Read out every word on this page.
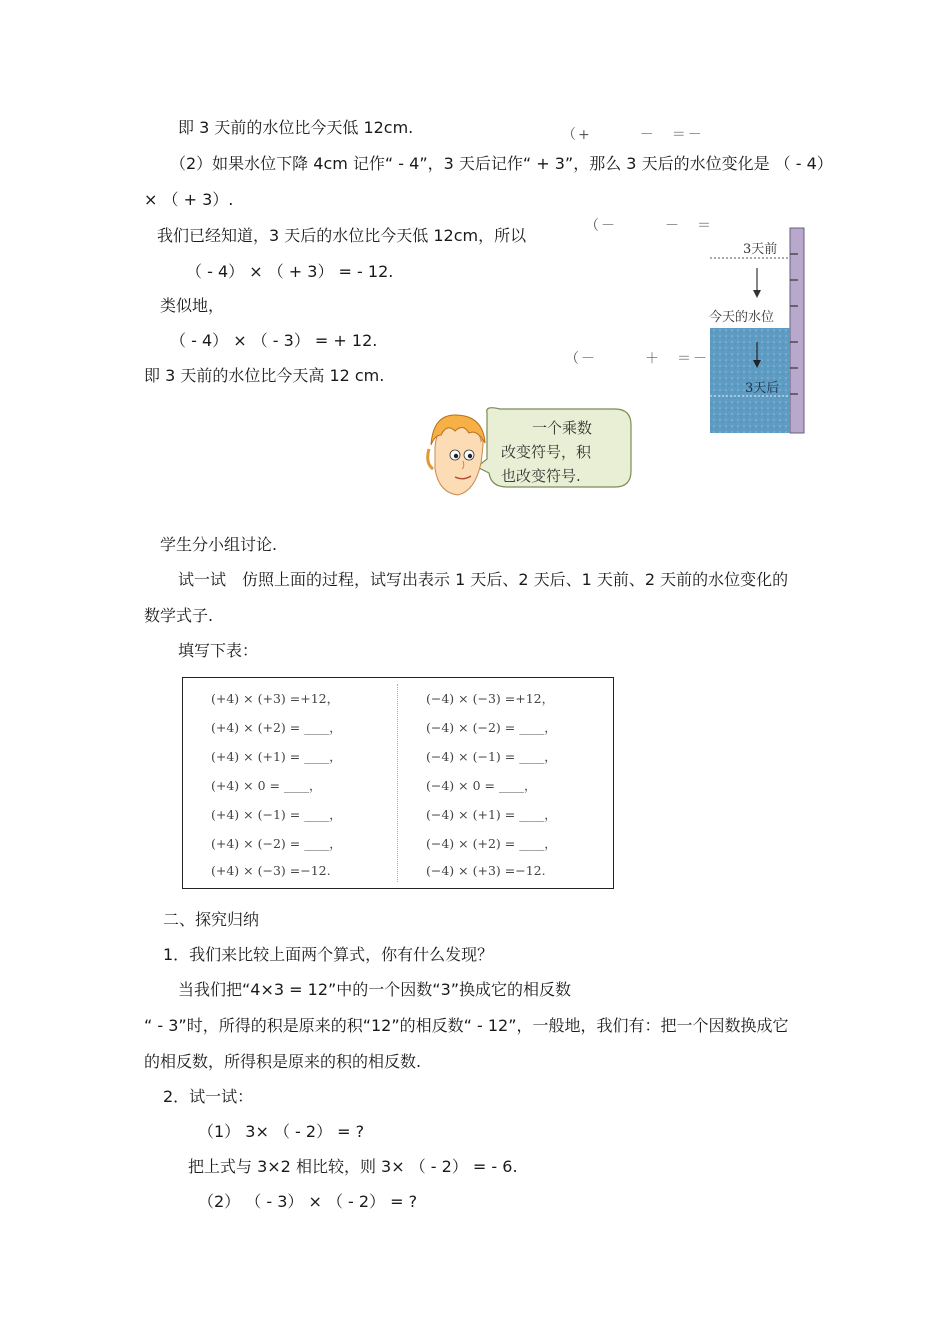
即 3 天前的水位比今天低 12cm.
（2）如果水位下降 4cm 记作“ - 4”，3 天后记作“ + 3”，那么 3 天后的水位变化是 （ - 4）
× （ + 3）.
我们已经知道，3 天后的水位比今天低 12cm，所以
（ - 4） × （ + 3） = - 12.
类似地，
（ - 4） × （ - 3） = + 12.
即 3 天前的水位比今天高 12 cm.
（+　　　－　＝－
（－　　　－　＝
（－　　　＋　＝－
3天前
今天的水位
3天后
一个乘数
改变符号，积
也改变符号.
学生分小组讨论.
试一试　仿照上面的过程，试写出表示 1 天后、2 天后、1 天前、2 天前的水位变化的
数学式子.
填写下表：
(+4) × (+3) =+12，
(+4) × (+2) = ____，
(+4) × (+1) = ____，
(+4) × 0 = ____，
(+4) × (−1) = ____，
(+4) × (−2) = ____，
(+4) × (−3) =−12.
(−4) × (−3) =+12，
(−4) × (−2) = ____，
(−4) × (−1) = ____，
(−4) × 0 = ____，
(−4) × (+1) = ____，
(−4) × (+2) = ____，
(−4) × (+3) =−12.
二、探究归纳
1．我们来比较上面两个算式，你有什么发现？
当我们把“4×3 = 12”中的一个因数“3”换成它的相反数
“ - 3”时，所得的积是原来的积“12”的相反数“ - 12”，一般地，我们有：把一个因数换成它
的相反数，所得积是原来的积的相反数.
2．试一试：
（1） 3× （ - 2） = ?
把上式与 3×2 相比较，则 3× （ - 2） = - 6.
（2） （ - 3） × （ - 2） = ?
